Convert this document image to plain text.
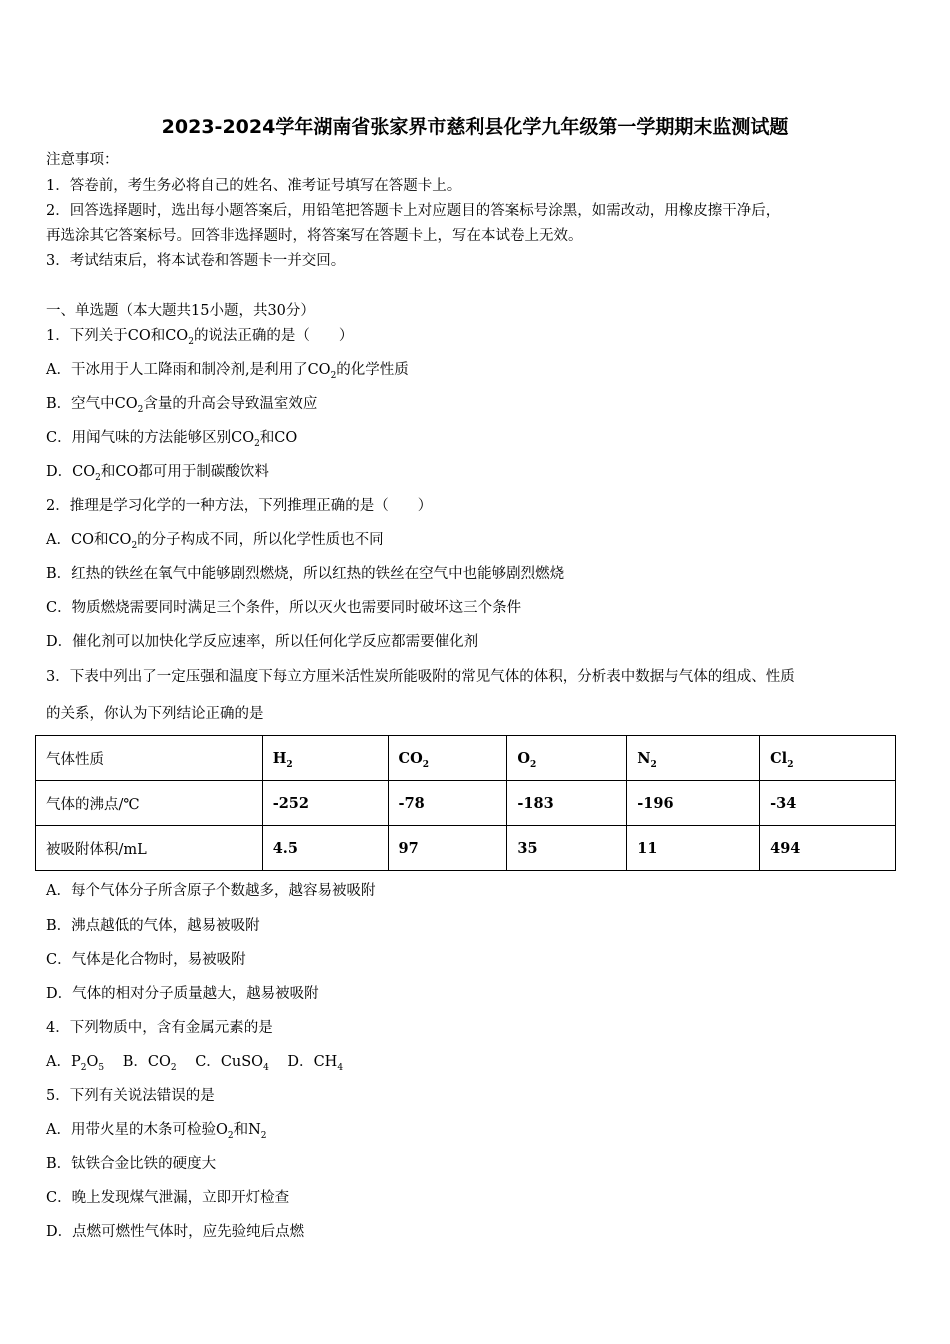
2023-2024学年湖南省张家界市慈利县化学九年级第一学期期末监测试题
注意事项：
1．答卷前，考生务必将自己的姓名、准考证号填写在答题卡上。
2．回答选择题时，选出每小题答案后，用铅笔把答题卡上对应题目的答案标号涂黑，如需改动，用橡皮擦干净后，
再选涂其它答案标号。回答非选择题时，将答案写在答题卡上，写在本试卷上无效。
3．考试结束后，将本试卷和答题卡一并交回。
一、单选题（本大题共15小题，共30分）
1．下列关于CO和$CO_2$的说法正确的是（　　）
A．干冰用于人工降雨和制冷剂,是利用了$CO_2$的化学性质
B．空气中$CO_2$含量的升高会导致温室效应
C．用闻气味的方法能够区别$CO_2$和CO
D．$CO_2$和CO都可用于制碳酸饮料
2．推理是学习化学的一种方法，下列推理正确的是（　　）
A．CO和$CO_2$的分子构成不同，所以化学性质也不同
B．红热的铁丝在氧气中能够剧烈燃烧，所以红热的铁丝在空气中也能够剧烈燃烧
C．物质燃烧需要同时满足三个条件，所以灭火也需要同时破坏这三个条件
D．催化剂可以加快化学反应速率，所以任何化学反应都需要催化剂
3．下表中列出了一定压强和温度下每立方厘米活性炭所能吸附的常见气体的体积，分析表中数据与气体的组成、性质
的关系，你认为下列结论正确的是
气体性质	$H_2$	$CO_2$	$O_2$	$N_2$	$Cl_2$
气体的沸点/℃	-252	-78	-183	-196	-34
被吸附体积/mL	4.5	97	35	11	494
A．每个气体分子所含原子个数越多，越容易被吸附
B．沸点越低的气体，越易被吸附
C．气体是化合物时，易被吸附
D．气体的相对分子质量越大，越易被吸附
4．下列物质中，含有金属元素的是
A．$P_2O_5$ B．$CO_2$ C．CuSO$_4$ D．$CH_4$
5．下列有关说法错误的是
A．用带火星的木条可检验$O_2$和$N_2$
B．钛铁合金比铁的硬度大
C．晚上发现煤气泄漏，立即开灯检查
D．点燃可燃性气体时，应先验纯后点燃
